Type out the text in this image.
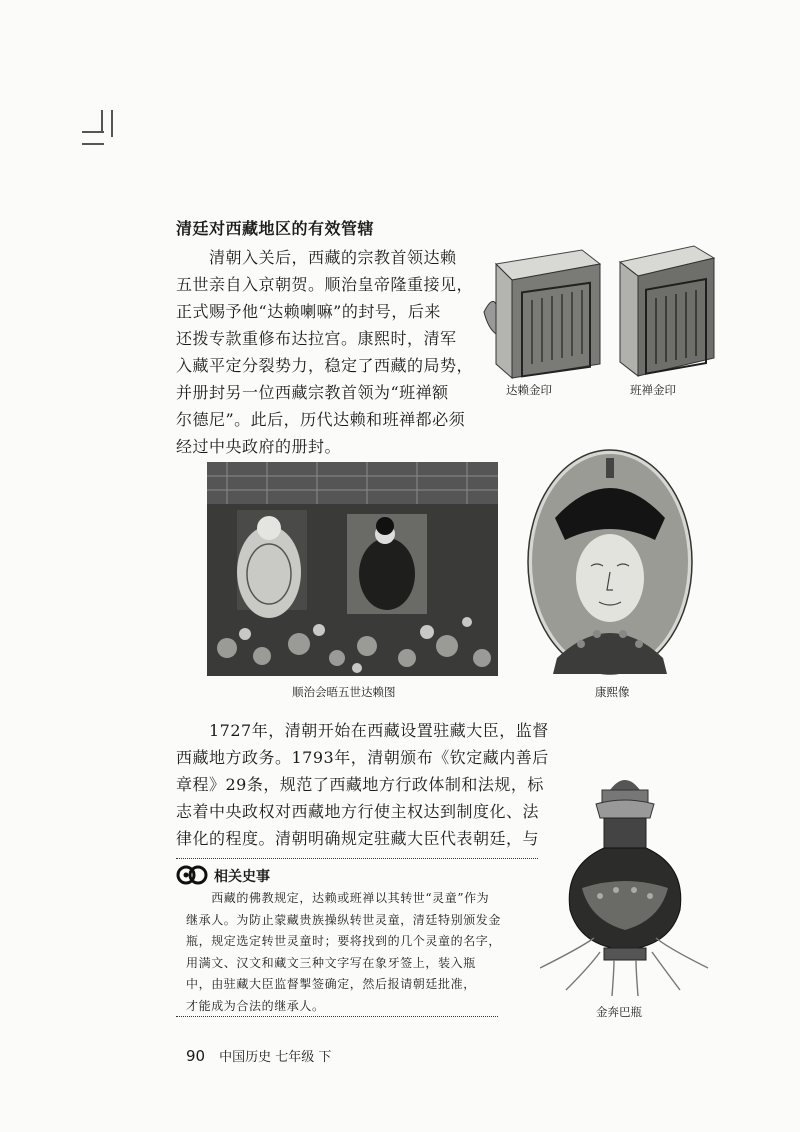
清廷对西藏地区的有效管辖
　　清朝入关后，西藏的宗教首领达赖
五世亲自入京朝贺。顺治皇帝隆重接见，
正式赐予他“达赖喇嘛”的封号，后来
还拨专款重修布达拉宫。康熙时，清军
入藏平定分裂势力，稳定了西藏的局势，
并册封另一位西藏宗教首领为“班禅额
尔德尼”。此后，历代达赖和班禅都必须
经过中央政府的册封。
达赖金印	班禅金印
顺治会晤五世达赖图	康熙像
　　1727年，清朝开始在西藏设置驻藏大臣，监督
西藏地方政务。1793年，清朝颁布《钦定藏内善后
章程》29条，规范了西藏地方行政体制和法规，标
志着中央政权对西藏地方行使主权达到制度化、法
律化的程度。清朝明确规定驻藏大臣代表朝廷，与
相关史事
　　西藏的佛教规定，达赖或班禅以其转世“灵童”作为
继承人。为防止蒙藏贵族操纵转世灵童，清廷特别颁发金
瓶，规定选定转世灵童时；要将找到的几个灵童的名字，
用满文、汉文和藏文三种文字写在象牙签上，装入瓶
中，由驻藏大臣监督掣签确定，然后报请朝廷批准，
才能成为合法的继承人。	金奔巴瓶
90 中国历史 七年级 下
